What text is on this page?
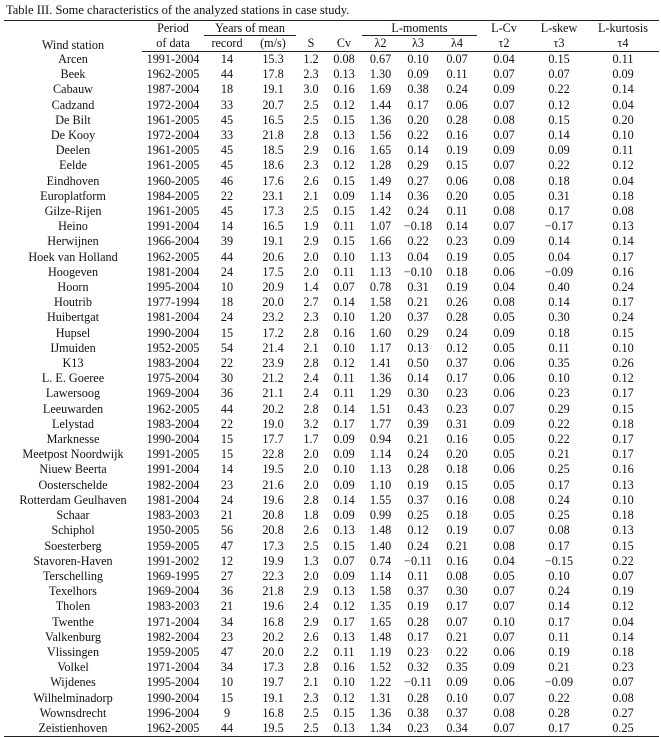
Table III. Some characteristics of the analyzed stations in case study.
Wind station	Period	Years of mean				L-moments			L-Cv	L-skew	L-kurtosis
	of data	record	(m/s)	S	Cv	λ2	λ3	λ4	τ2	τ3	τ4
Arcen	1991-2004	14	15.3	1.2	0.08	0.67	0.10	0.07	0.04	0.15	0.11
Beek	1962-2005	44	17.8	2.3	0.13	1.30	0.09	0.11	0.07	0.07	0.09
Cabauw	1987-2004	18	19.1	3.0	0.16	1.69	0.38	0.24	0.09	0.22	0.14
Cadzand	1972-2004	33	20.7	2.5	0.12	1.44	0.17	0.06	0.07	0.12	0.04
De Bilt	1961-2005	45	16.5	2.5	0.15	1.36	0.20	0.28	0.08	0.15	0.20
De Kooy	1972-2004	33	21.8	2.8	0.13	1.56	0.22	0.16	0.07	0.14	0.10
Deelen	1961-2005	45	18.5	2.9	0.16	1.65	0.14	0.19	0.09	0.09	0.11
Eelde	1961-2005	45	18.6	2.3	0.12	1.28	0.29	0.15	0.07	0.22	0.12
Eindhoven	1960-2005	46	17.6	2.6	0.15	1.49	0.27	0.06	0.08	0.18	0.04
Europlatform	1984-2005	22	23.1	2.1	0.09	1.14	0.36	0.20	0.05	0.31	0.18
Gilze-Rijen	1961-2005	45	17.3	2.5	0.15	1.42	0.24	0.11	0.08	0.17	0.08
Heino	1991-2004	14	16.5	1.9	0.11	1.07	−0.18	0.14	0.07	−0.17	0.13
Herwijnen	1966-2004	39	19.1	2.9	0.15	1.66	0.22	0.23	0.09	0.14	0.14
Hoek van Holland	1962-2005	44	20.6	2.0	0.10	1.13	0.04	0.19	0.05	0.04	0.17
Hoogeven	1981-2004	24	17.5	2.0	0.11	1.13	−0.10	0.18	0.06	−0.09	0.16
Hoorn	1995-2004	10	20.9	1.4	0.07	0.78	0.31	0.19	0.04	0.40	0.24
Houtrib	1977-1994	18	20.0	2.7	0.14	1.58	0.21	0.26	0.08	0.14	0.17
Huibertgat	1981-2004	24	23.2	2.3	0.10	1.20	0.37	0.28	0.05	0.30	0.24
Hupsel	1990-2004	15	17.2	2.8	0.16	1.60	0.29	0.24	0.09	0.18	0.15
IJmuiden	1952-2005	54	21.4	2.1	0.10	1.17	0.13	0.12	0.05	0.11	0.10
K13	1983-2004	22	23.9	2.8	0.12	1.41	0.50	0.37	0.06	0.35	0.26
L. E. Goeree	1975-2004	30	21.2	2.4	0.11	1.36	0.14	0.17	0.06	0.10	0.12
Lawersoog	1969-2004	36	21.1	2.4	0.11	1.29	0.30	0.23	0.06	0.23	0.17
Leeuwarden	1962-2005	44	20.2	2.8	0.14	1.51	0.43	0.23	0.07	0.29	0.15
Lelystad	1983-2004	22	19.0	3.2	0.17	1.77	0.39	0.31	0.09	0.22	0.18
Marknesse	1990-2004	15	17.7	1.7	0.09	0.94	0.21	0.16	0.05	0.22	0.17
Meetpost Noordwijk	1991-2005	15	22.8	2.0	0.09	1.14	0.24	0.20	0.05	0.21	0.17
Niuew Beerta	1991-2004	14	19.5	2.0	0.10	1.13	0.28	0.18	0.06	0.25	0.16
Oosterschelde	1982-2004	23	21.6	2.0	0.09	1.10	0.19	0.15	0.05	0.17	0.13
Rotterdam Geulhaven	1981-2004	24	19.6	2.8	0.14	1.55	0.37	0.16	0.08	0.24	0.10
Schaar	1983-2003	21	20.8	1.8	0.09	0.99	0.25	0.18	0.05	0.25	0.18
Schiphol	1950-2005	56	20.8	2.6	0.13	1.48	0.12	0.19	0.07	0.08	0.13
Soesterberg	1959-2005	47	17.3	2.5	0.15	1.40	0.24	0.21	0.08	0.17	0.15
Stavoren-Haven	1991-2002	12	19.9	1.3	0.07	0.74	−0.11	0.16	0.04	−0.15	0.22
Terschelling	1969-1995	27	22.3	2.0	0.09	1.14	0.11	0.08	0.05	0.10	0.07
Texelhors	1969-2004	36	21.8	2.9	0.13	1.58	0.37	0.30	0.07	0.24	0.19
Tholen	1983-2003	21	19.6	2.4	0.12	1.35	0.19	0.17	0.07	0.14	0.12
Twenthe	1971-2004	34	16.8	2.9	0.17	1.65	0.28	0.07	0.10	0.17	0.04
Valkenburg	1982-2004	23	20.2	2.6	0.13	1.48	0.17	0.21	0.07	0.11	0.14
Vlissingen	1959-2005	47	20.0	2.2	0.11	1.19	0.23	0.22	0.06	0.19	0.18
Volkel	1971-2004	34	17.3	2.8	0.16	1.52	0.32	0.35	0.09	0.21	0.23
Wijdenes	1995-2004	10	19.7	2.1	0.10	1.22	−0.11	0.09	0.06	−0.09	0.07
Wilhelminadorp	1990-2004	15	19.1	2.3	0.12	1.31	0.28	0.10	0.07	0.22	0.08
Wownsdrecht	1996-2004	9	16.8	2.5	0.15	1.36	0.38	0.37	0.08	0.28	0.27
Zeistienhoven	1962-2005	44	19.5	2.5	0.13	1.34	0.23	0.34	0.07	0.17	0.25
